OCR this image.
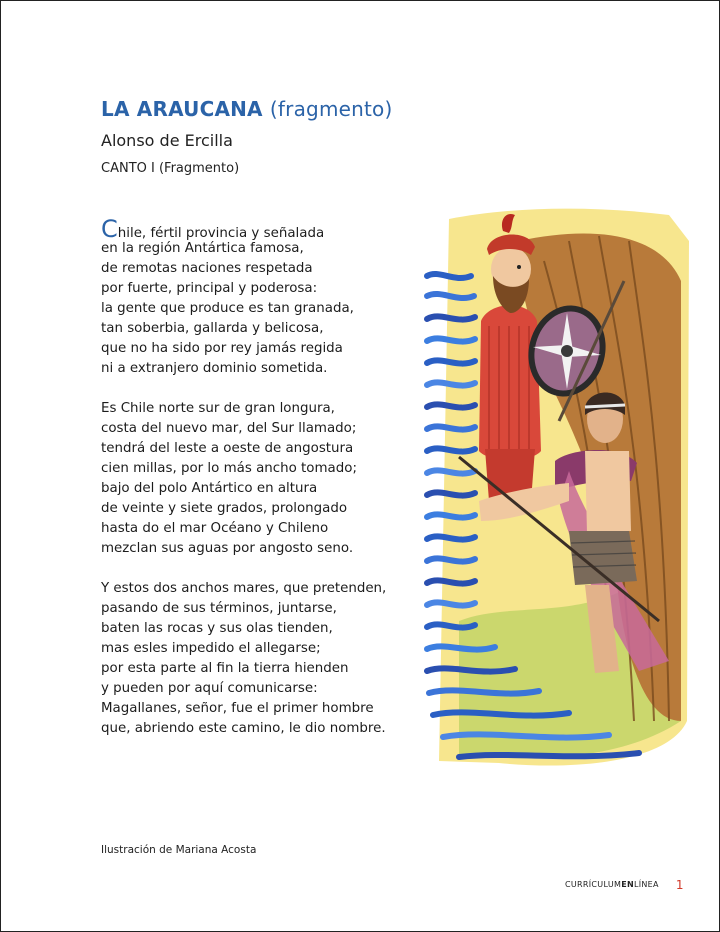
LA ARAUCANA (fragmento)
Alonso de Ercilla
CANTO I (Fragmento)
Chile, fértil provincia y señalada
en la región Antártica famosa,
de remotas naciones respetada
por fuerte, principal y poderosa:
la gente que produce es tan granada,
tan soberbia, gallarda y belicosa,
que no ha sido por rey jamás regida
ni a extranjero dominio sometida.
Es Chile norte sur de gran longura,
costa del nuevo mar, del Sur llamado;
tendrá del leste a oeste de angostura
cien millas, por lo más ancho tomado;
bajo del polo Antártico en altura
de veinte y siete grados, prolongado
hasta do el mar Océano y Chileno
mezclan sus aguas por angosto seno.
Y estos dos anchos mares, que pretenden,
pasando de sus términos, juntarse,
baten las rocas y sus olas tienden,
mas esles impedido el allegarse;
por esta parte al fin la tierra hienden
y pueden por aquí comunicarse:
Magallanes, señor, fue el primer hombre
que, abriendo este camino, le dio nombre.
Ilustración de Mariana Acosta
CURRÍCULUMENLÍNEA 1
